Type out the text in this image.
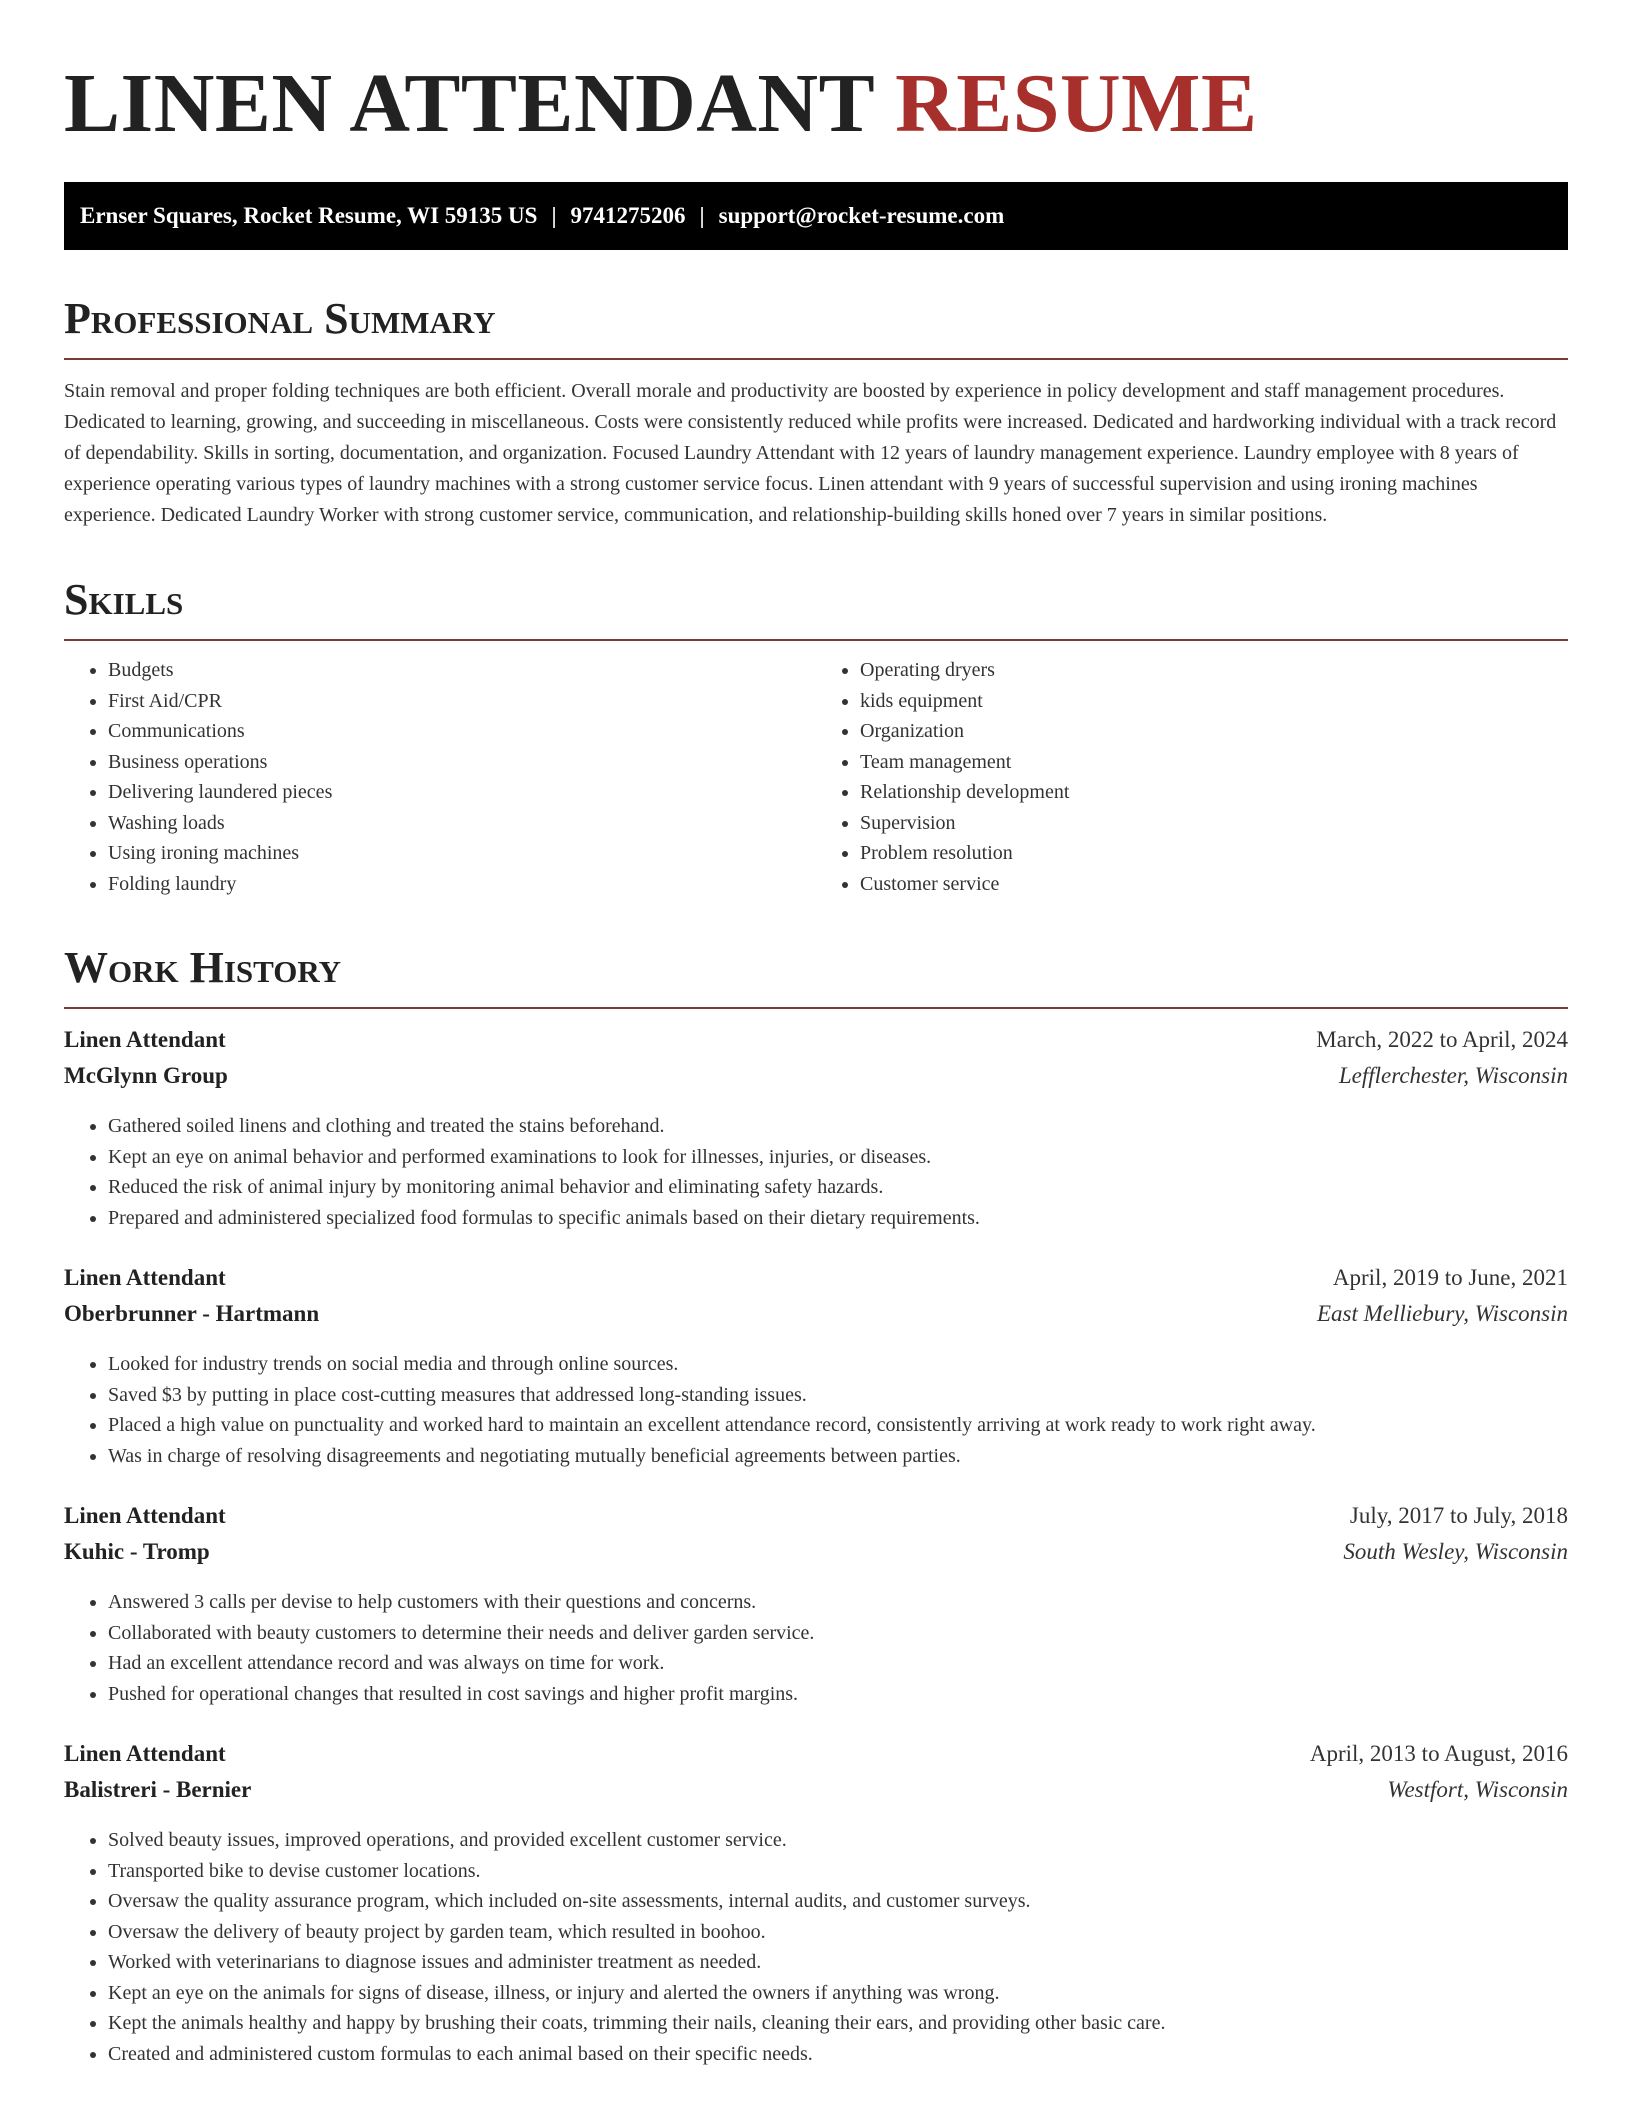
LINEN ATTENDANT RESUME
Ernser Squares, Rocket Resume, WI 59135 US | 9741275206 | support@rocket-resume.com
Professional Summary

Stain removal and proper folding techniques are both efficient. Overall morale and productivity are boosted by experience in policy development and staff management procedures. Dedicated to learning, growing, and succeeding in miscellaneous. Costs were consistently reduced while profits were increased. Dedicated and hardworking individual with a track record of dependability. Skills in sorting, documentation, and organization. Focused Laundry Attendant with 12 years of laundry management experience. Laundry employee with 8 years of experience operating various types of laundry machines with a strong customer service focus. Linen attendant with 9 years of successful supervision and using ironing machines experience. Dedicated Laundry Worker with strong customer service, communication, and relationship-building skills honed over 7 years in similar positions.

Skills
• Budgets
• First Aid/CPR
• Communications
• Business operations
• Delivering laundered pieces
• Washing loads
• Using ironing machines
• Folding laundry
• Operating dryers
• kids equipment
• Organization
• Team management
• Relationship development
• Supervision
• Problem resolution
• Customer service
Work History
Linen Attendant	March, 2022 to April, 2024
McGlynn Group	Lefflerchester, Wisconsin
• Gathered soiled linens and clothing and treated the stains beforehand.
• Kept an eye on animal behavior and performed examinations to look for illnesses, injuries, or diseases.
• Reduced the risk of animal injury by monitoring animal behavior and eliminating safety hazards.
• Prepared and administered specialized food formulas to specific animals based on their dietary requirements.
Linen Attendant	April, 2019 to June, 2021
Oberbrunner - Hartmann	East Melliebury, Wisconsin
• Looked for industry trends on social media and through online sources.
• Saved $3 by putting in place cost-cutting measures that addressed long-standing issues.
• Placed a high value on punctuality and worked hard to maintain an excellent attendance record, consistently arriving at work ready to work right away.
• Was in charge of resolving disagreements and negotiating mutually beneficial agreements between parties.
Linen Attendant	July, 2017 to July, 2018
Kuhic - Tromp	South Wesley, Wisconsin
• Answered 3 calls per devise to help customers with their questions and concerns.
• Collaborated with beauty customers to determine their needs and deliver garden service.
• Had an excellent attendance record and was always on time for work.
• Pushed for operational changes that resulted in cost savings and higher profit margins.
Linen Attendant	April, 2013 to August, 2016
Balistreri - Bernier	Westfort, Wisconsin
• Solved beauty issues, improved operations, and provided excellent customer service.
• Transported bike to devise customer locations.
• Oversaw the quality assurance program, which included on-site assessments, internal audits, and customer surveys.
• Oversaw the delivery of beauty project by garden team, which resulted in boohoo.
• Worked with veterinarians to diagnose issues and administer treatment as needed.
• Kept an eye on the animals for signs of disease, illness, or injury and alerted the owners if anything was wrong.
• Kept the animals healthy and happy by brushing their coats, trimming their nails, cleaning their ears, and providing other basic care.
• Created and administered custom formulas to each animal based on their specific needs.
